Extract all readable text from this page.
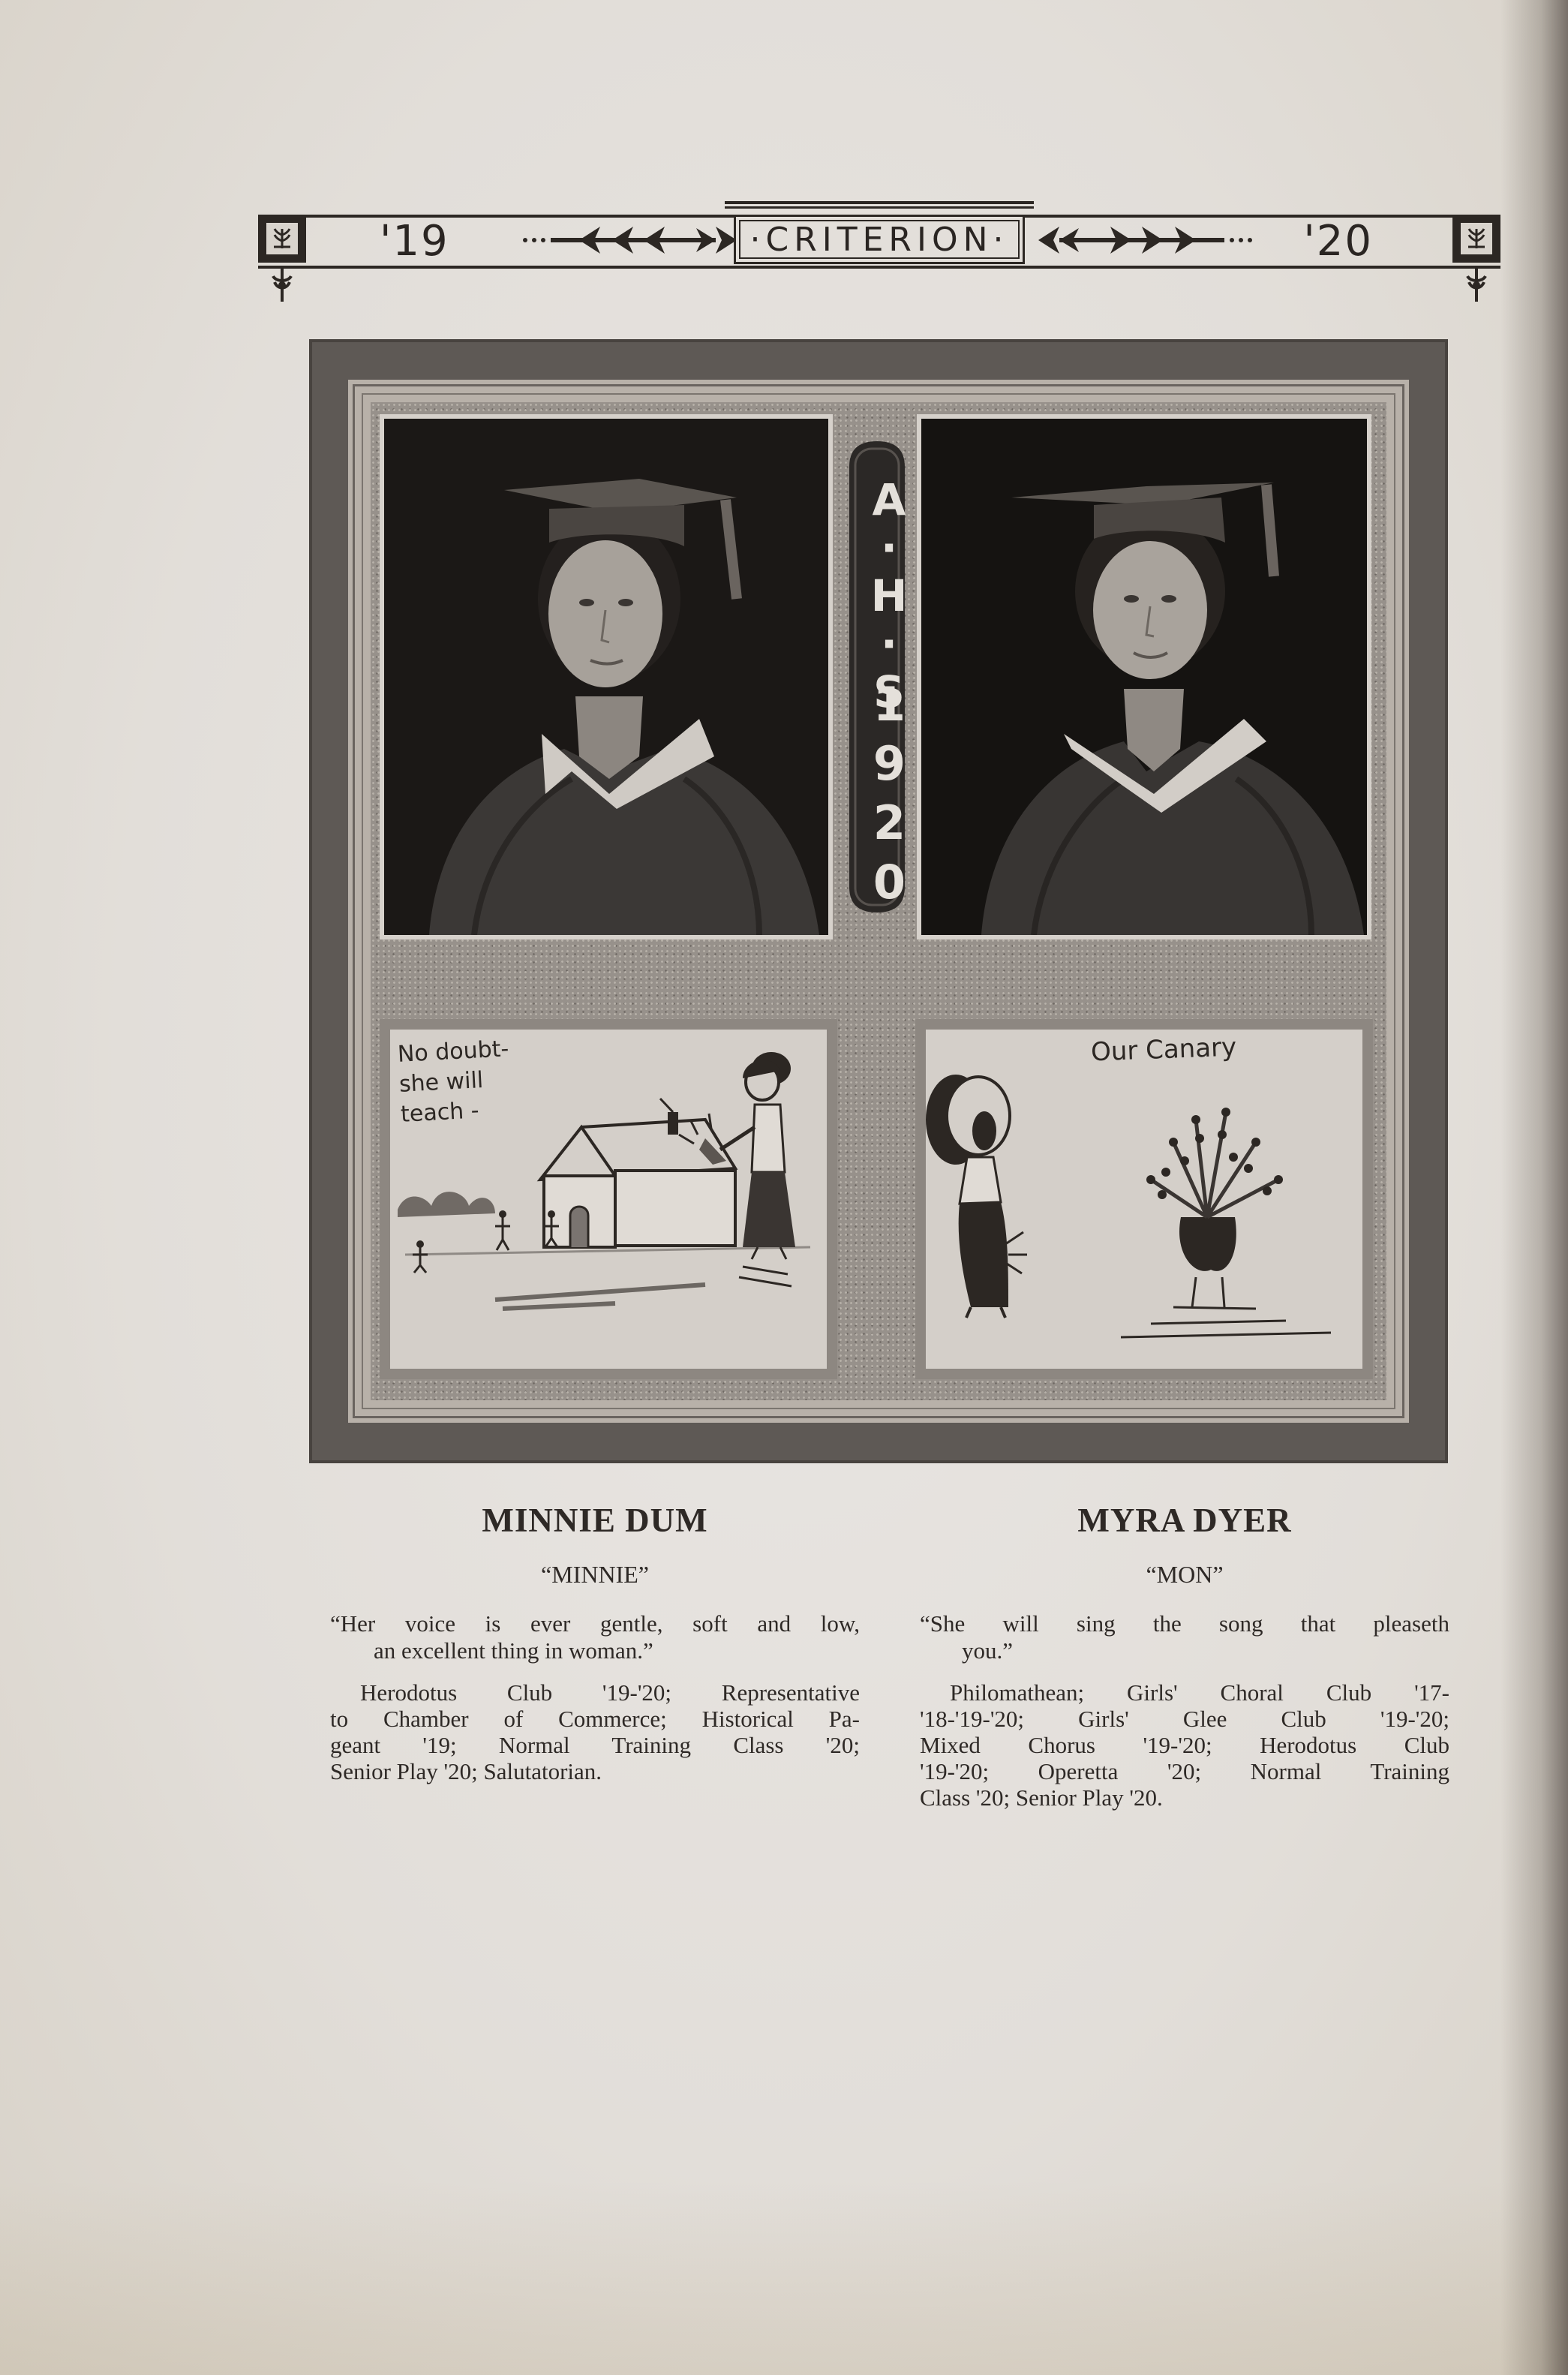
'19	'20
·CRITERION·
A·H·S
1920
No doubt-
she will
teach -
Our Canary
MINNIE DUM
“MINNIE”
“Her voice is ever gentle, soft and low,
an excellent thing in woman.”
Herodotus Club '19-'20; Representative
to Chamber of Commerce; Historical Pa-
geant '19; Normal Training Class '20;
Senior Play '20; Salutatorian.
MYRA DYER
“MON”
“She will sing the song that pleaseth
you.”
Philomathean; Girls' Choral Club '17-
'18-'19-'20; Girls' Glee Club '19-'20;
Mixed Chorus '19-'20; Herodotus Club
'19-'20; Operetta '20; Normal Training
Class '20; Senior Play '20.
